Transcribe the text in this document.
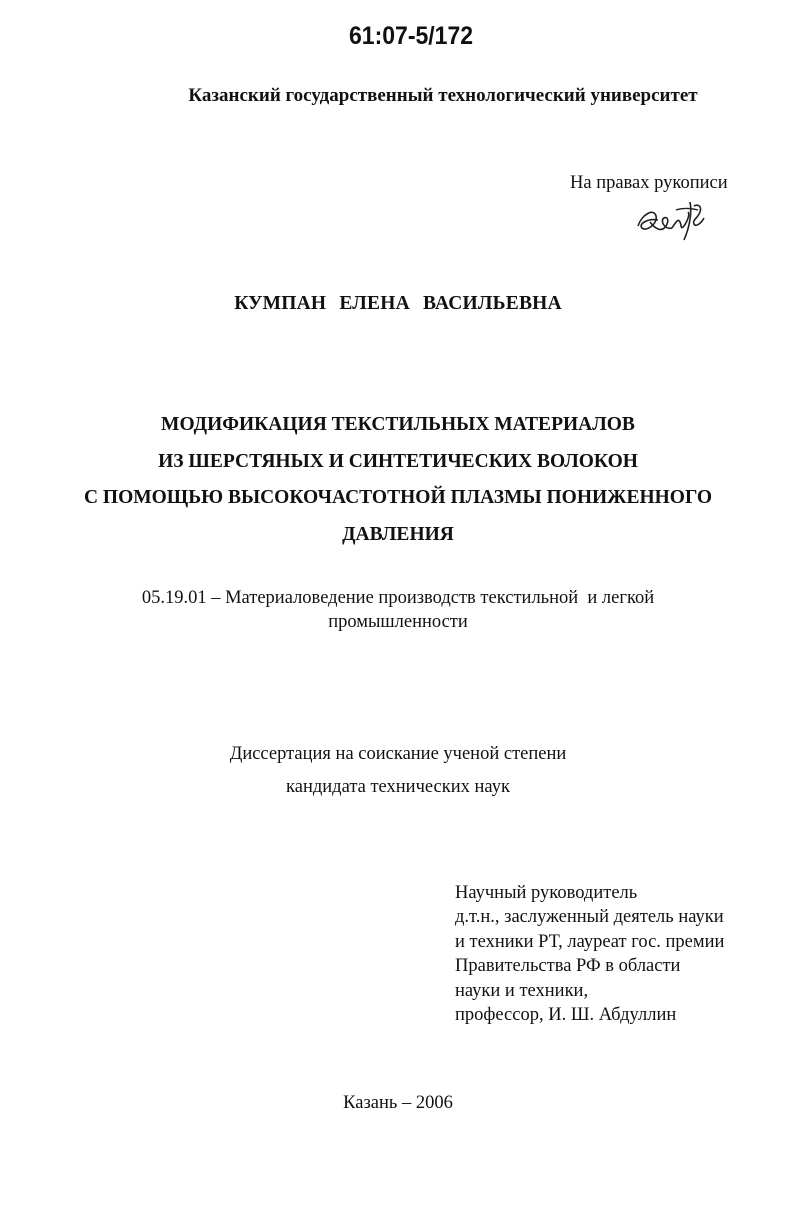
61:07-5/172
Казанский государственный технологический университет
На правах рукописи
КУМПАН ЕЛЕНА ВАСИЛЬЕВНА
МОДИФИКАЦИЯ ТЕКСТИЛЬНЫХ МАТЕРИАЛОВ
ИЗ ШЕРСТЯНЫХ И СИНТЕТИЧЕСКИХ ВОЛОКОН
С ПОМОЩЬЮ ВЫСОКОЧАСТОТНОЙ ПЛАЗМЫ ПОНИЖЕННОГО
ДАВЛЕНИЯ
05.19.01 – Материаловедение производств текстильной  и легкой
промышленности
Диссертация на соискание ученой степени
кандидата технических наук
Научный руководитель
д.т.н., заслуженный деятель науки
и техники РТ, лауреат гос. премии
Правительства РФ в области
науки и техники,
профессор, И. Ш. Абдуллин
Казань – 2006
